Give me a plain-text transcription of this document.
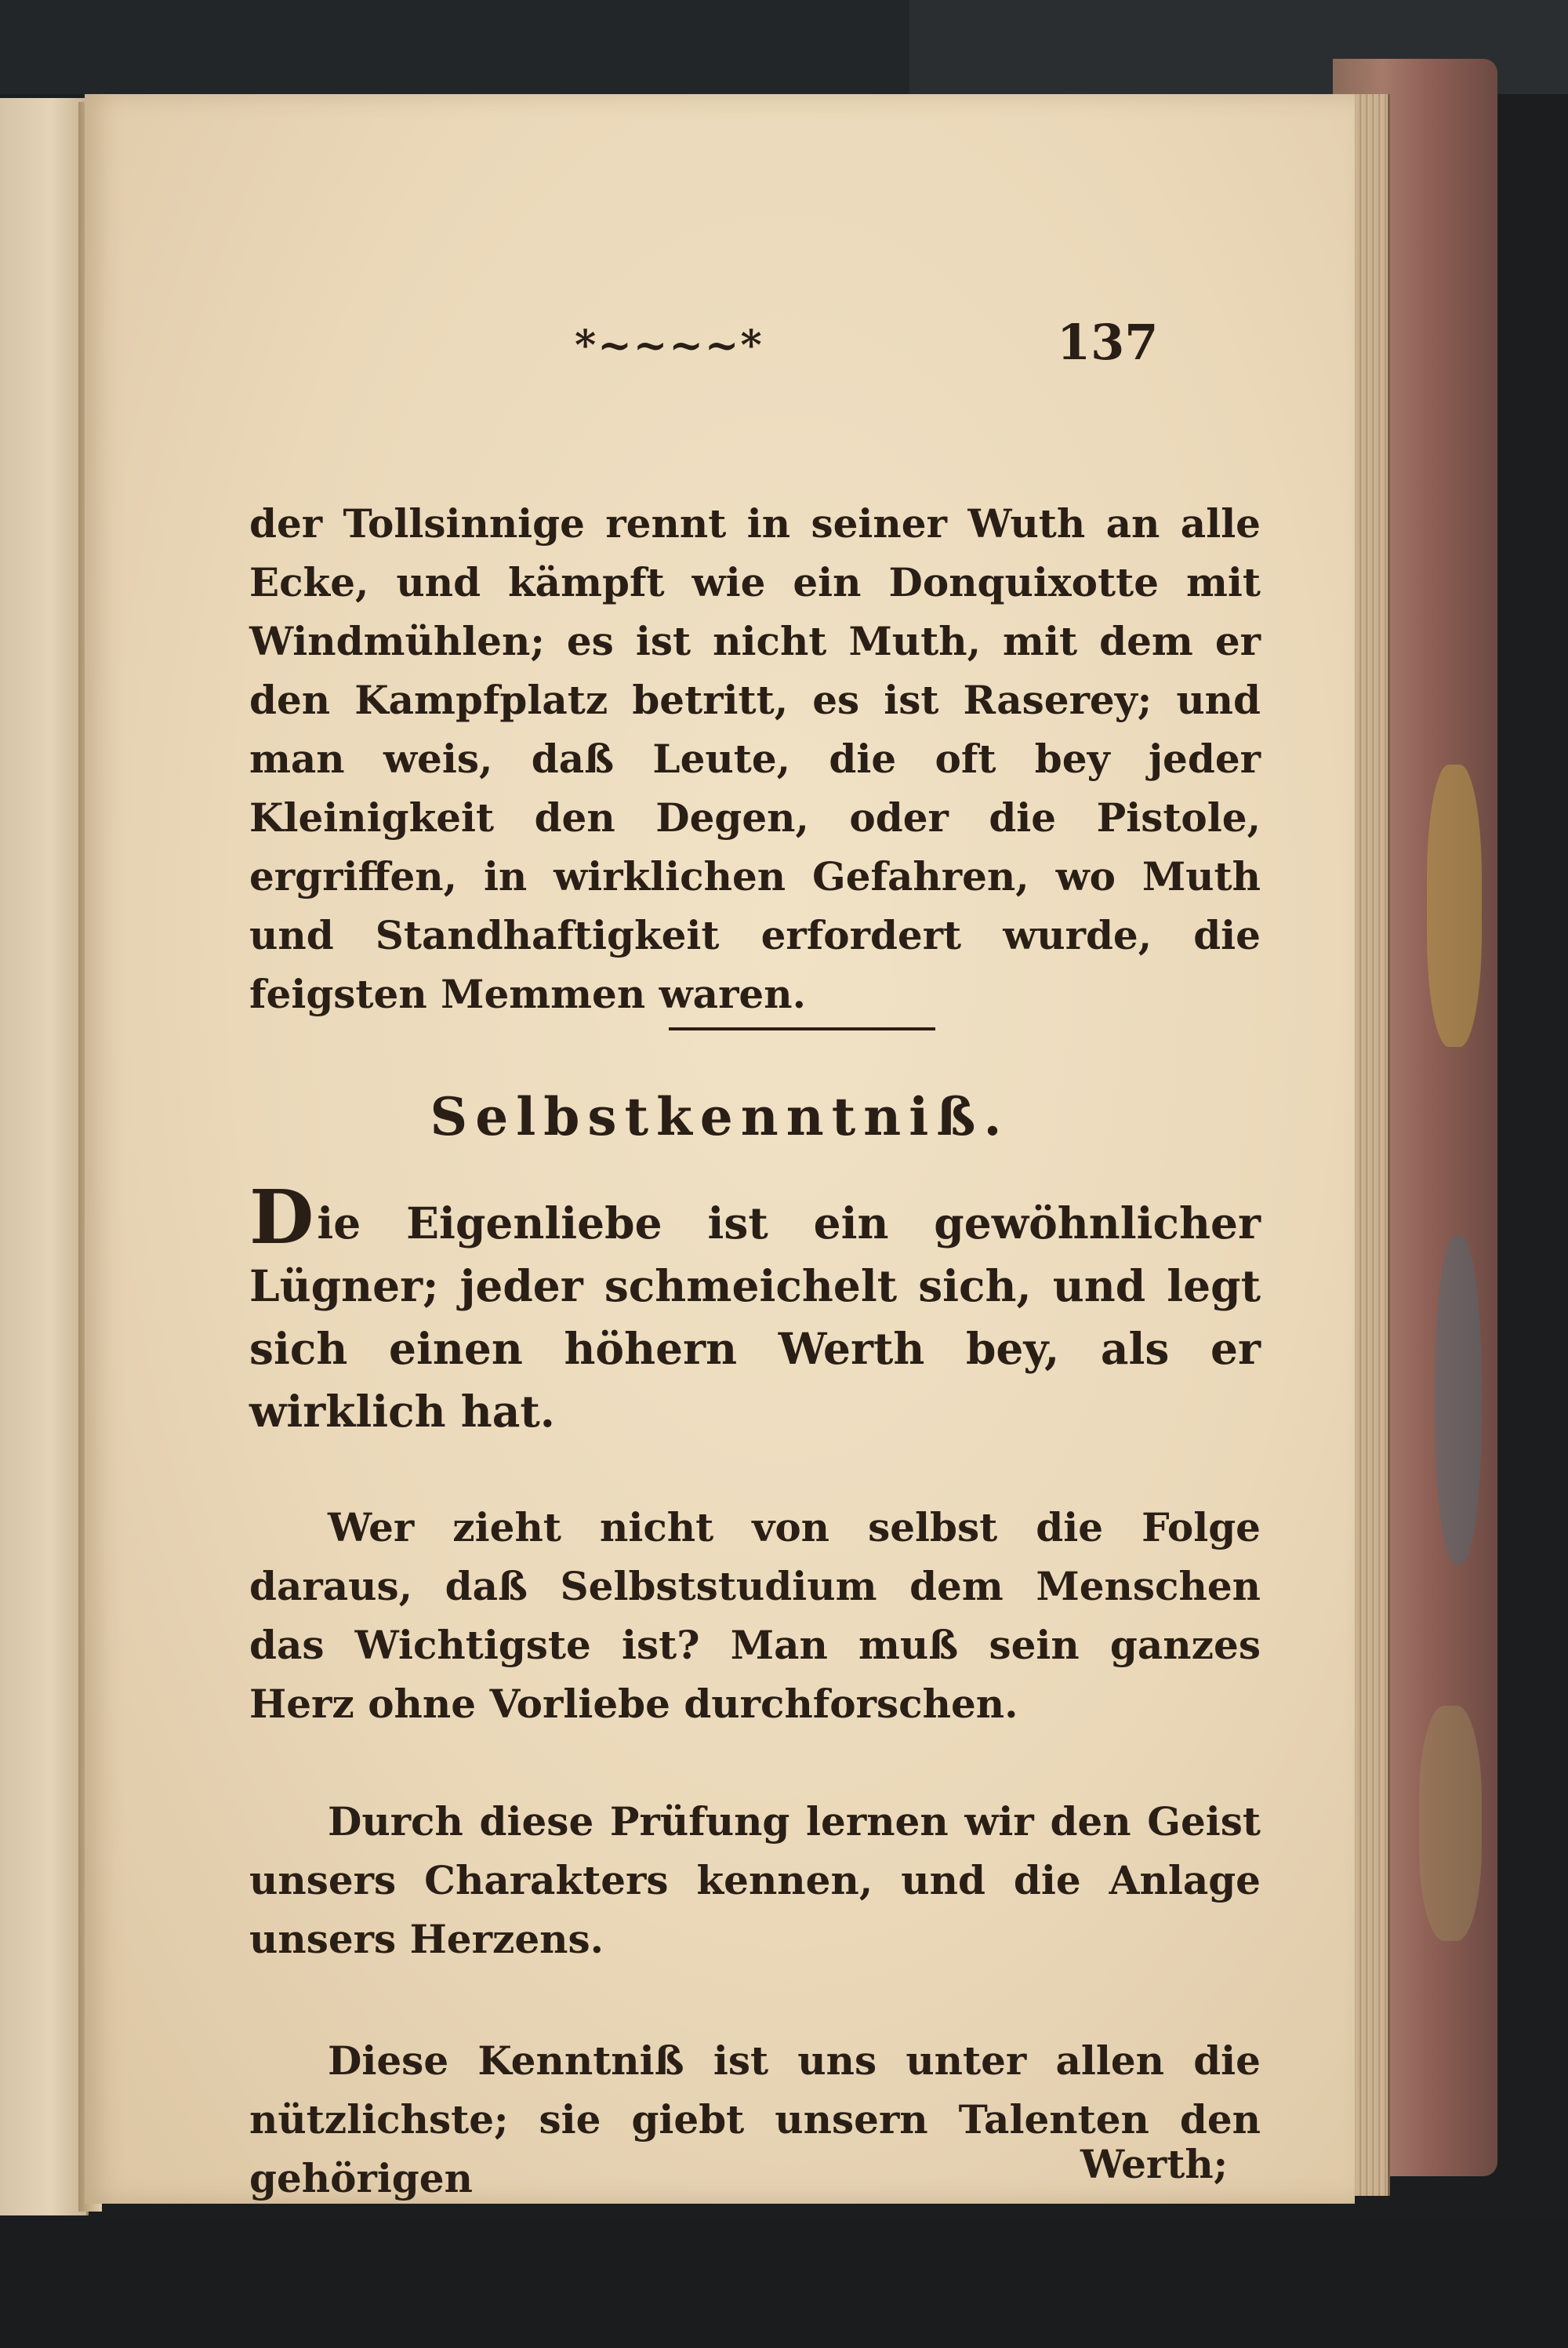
*~~~~*	137
der Tollsinnige rennt in seiner Wuth an alle Ecke, und kämpft wie ein Donquixotte mit Windmühlen; es ist nicht Muth, mit dem er den Kampfplatz betritt, es ist Raserey; und man weis, daß Leute, die oft bey jeder Kleinigkeit den Degen, oder die Pistole, ergriffen, in wirklichen Gefahren, wo Muth und Standhaftigkeit erfordert wurde, die feigsten Memmen waren.
Selbstkenntniß.
Die Eigenliebe ist ein gewöhnlicher Lügner; jeder schmeichelt sich, und legt sich einen höhern Werth bey, als er wirklich hat.
Wer zieht nicht von selbst die Folge daraus, daß Selbststudium dem Menschen das Wichtigste ist? Man muß sein ganzes Herz ohne Vorliebe durchforschen.
Durch diese Prüfung lernen wir den Geist unsers Charakters kennen, und die Anlage unsers Herzens.
Diese Kenntniß ist uns unter allen die nützlichste; sie giebt unsern Talenten den gehörigen	Werth;
